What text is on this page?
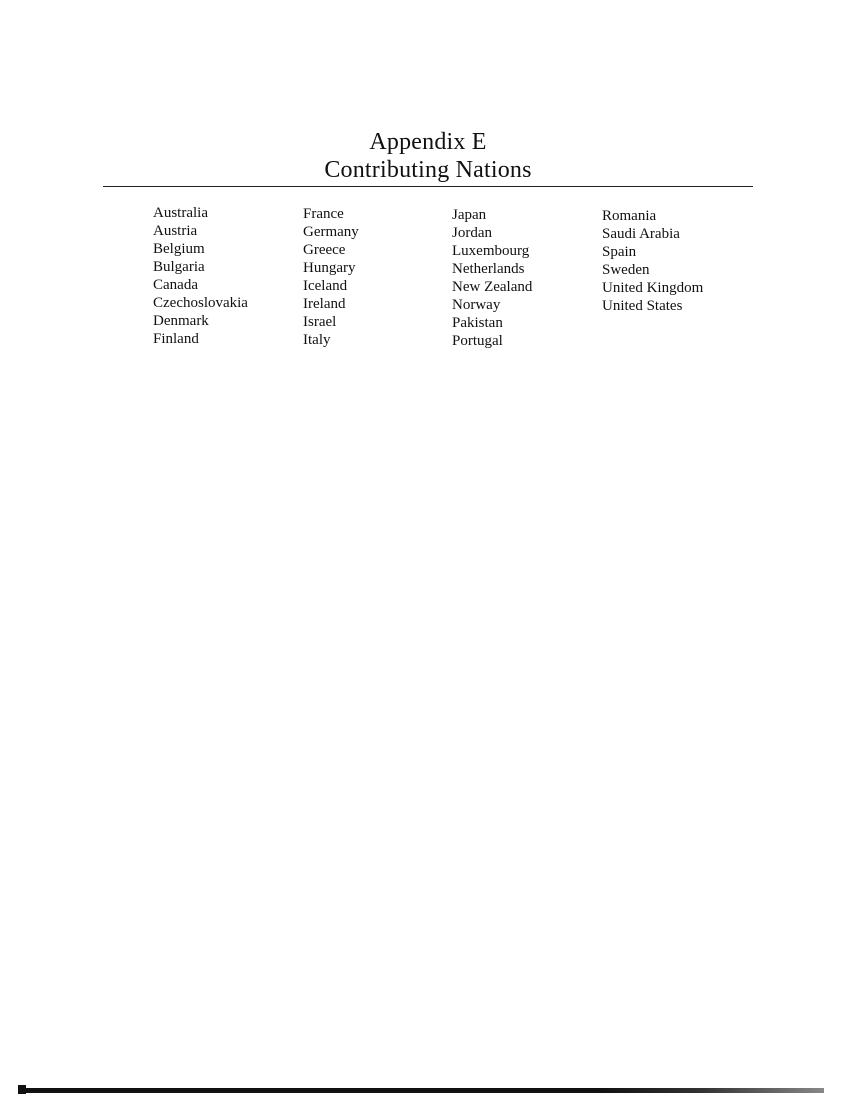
Appendix E
Contributing Nations
Australia
Austria
Belgium
Bulgaria
Canada
Czechoslovakia
Denmark
Finland
France
Germany
Greece
Hungary
Iceland
Ireland
Israel
Italy
Japan
Jordan
Luxembourg
Netherlands
New Zealand
Norway
Pakistan
Portugal
Romania
Saudi Arabia
Spain
Sweden
United Kingdom
United States
